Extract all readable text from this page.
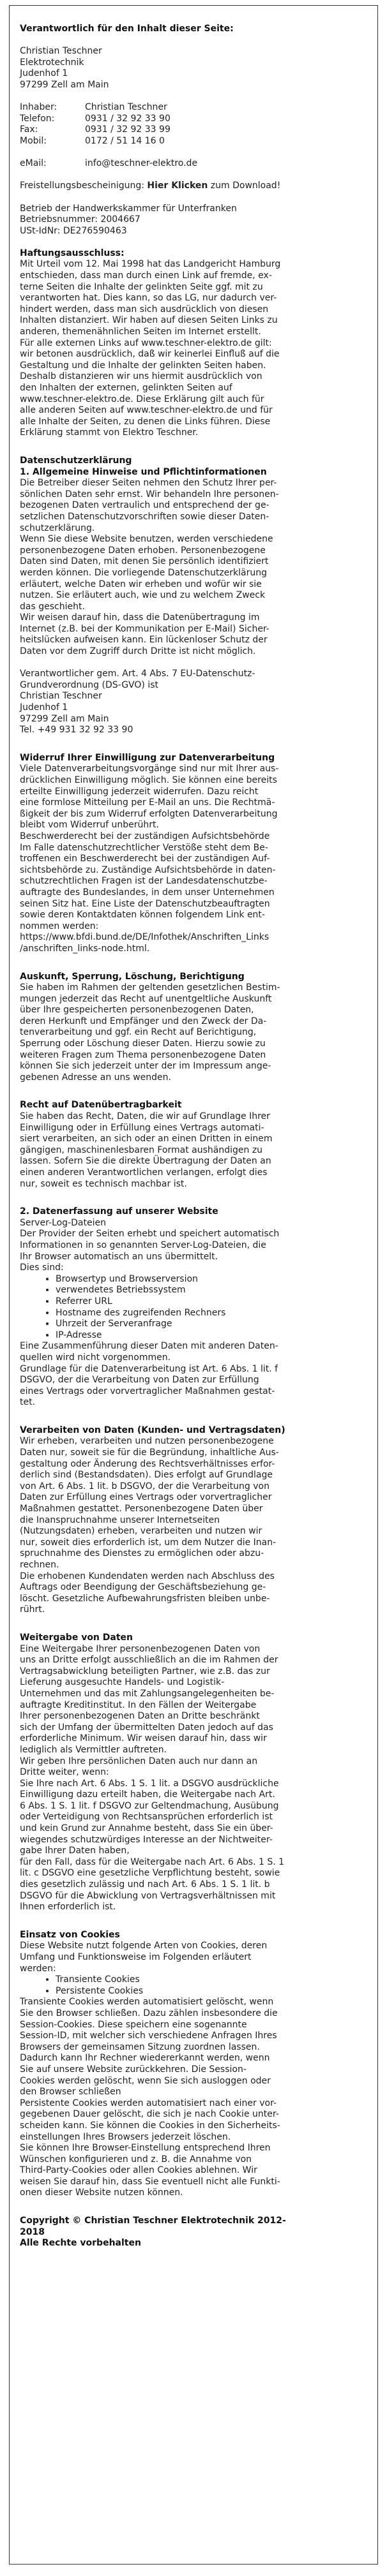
Verantwortlich für den Inhalt dieser Seite:
Christian Teschner
Elektrotechnik
Judenhof 1
97299 Zell am Main
Inhaber:	Christian Teschner
Telefon:	0931 / 32 92 33 90
Fax:	0931 / 32 92 33 99
Mobil:	0172 / 51 14 16 0
eMail:	info@teschner-elektro.de
Freistellungsbescheinigung: Hier Klicken zum Download!
Betrieb der Handwerkskammer für Unterfranken
Betriebsnummer: 2004667
USt-IdNr: DE276590463
Haftungsausschluss:
Mit Urteil vom 12. Mai 1998 hat das Landgericht Hamburg
entschieden, dass man durch einen Link auf fremde, ex-
terne Seiten die Inhalte der gelinkten Seite ggf. mit zu
verantworten hat. Dies kann, so das LG, nur dadurch ver-
hindert werden, dass man sich ausdrücklich von diesen
Inhalten distanziert. Wir haben auf diesen Seiten Links zu
anderen, themenähnlichen Seiten im Internet erstellt.
Für alle externen Links auf www.teschner-elektro.de gilt:
wir betonen ausdrücklich, daß wir keinerlei Einfluß auf die
Gestaltung und die Inhalte der gelinkten Seiten haben.
Deshalb distanzieren wir uns hiermit ausdrücklich von
den Inhalten der externen, gelinkten Seiten auf
www.teschner-elektro.de. Diese Erklärung gilt auch für
alle anderen Seiten auf www.teschner-elektro.de und für
alle Inhalte der Seiten, zu denen die Links führen. Diese
Erklärung stammt von Elektro Teschner.
Datenschutzerklärung
1. Allgemeine Hinweise und Pflichtinformationen
Die Betreiber dieser Seiten nehmen den Schutz Ihrer per-
sönlichen Daten sehr ernst. Wir behandeln Ihre personen-
bezogenen Daten vertraulich und entsprechend der ge-
setzlichen Datenschutzvorschriften sowie dieser Daten-
schutzerklärung.
Wenn Sie diese Website benutzen, werden verschiedene
personenbezogene Daten erhoben. Personenbezogene
Daten sind Daten, mit denen Sie persönlich identifiziert
werden können. Die vorliegende Datenschutzerklärung
erläutert, welche Daten wir erheben und wofür wir sie
nutzen. Sie erläutert auch, wie und zu welchem Zweck
das geschieht.
Wir weisen darauf hin, dass die Datenübertragung im
Internet (z.B. bei der Kommunikation per E-Mail) Sicher-
heitslücken aufweisen kann. Ein lückenloser Schutz der
Daten vor dem Zugriff durch Dritte ist nicht möglich.
Verantwortlicher gem. Art. 4 Abs. 7 EU-Datenschutz-
Grundverordnung (DS-GVO) ist
Christian Teschner
Judenhof 1
97299 Zell am Main
Tel. +49 931 32 92 33 90
Widerruf Ihrer Einwilligung zur Datenverarbeitung
Viele Datenverarbeitungsvorgänge sind nur mit Ihrer aus-
drücklichen Einwilligung möglich. Sie können eine bereits
erteilte Einwilligung jederzeit widerrufen. Dazu reicht
eine formlose Mitteilung per E-Mail an uns. Die Rechtmä-
ßigkeit der bis zum Widerruf erfolgten Datenverarbeitung
bleibt vom Widerruf unberührt.
Beschwerderecht bei der zuständigen Aufsichtsbehörde
Im Falle datenschutzrechtlicher Verstöße steht dem Be-
troffenen ein Beschwerderecht bei der zuständigen Auf-
sichtsbehörde zu. Zuständige Aufsichtsbehörde in daten-
schutzrechtlichen Fragen ist der Landesdatenschutzbe-
auftragte des Bundeslandes, in dem unser Unternehmen
seinen Sitz hat. Eine Liste der Datenschutzbeauftragten
sowie deren Kontaktdaten können folgendem Link ent-
nommen werden:
https://www.bfdi.bund.de/DE/Infothek/Anschriften_Links
/anschriften_links-node.html.
Auskunft, Sperrung, Löschung, Berichtigung
Sie haben im Rahmen der geltenden gesetzlichen Bestim-
mungen jederzeit das Recht auf unentgeltliche Auskunft
über Ihre gespeicherten personenbezogenen Daten,
deren Herkunft und Empfänger und den Zweck der Da-
tenverarbeitung und ggf. ein Recht auf Berichtigung,
Sperrung oder Löschung dieser Daten. Hierzu sowie zu
weiteren Fragen zum Thema personenbezogene Daten
können Sie sich jederzeit unter der im Impressum ange-
gebenen Adresse an uns wenden.
Recht auf Datenübertragbarkeit
Sie haben das Recht, Daten, die wir auf Grundlage Ihrer
Einwilligung oder in Erfüllung eines Vertrags automati-
siert verarbeiten, an sich oder an einen Dritten in einem
gängigen, maschinenlesbaren Format aushändigen zu
lassen. Sofern Sie die direkte Übertragung der Daten an
einen anderen Verantwortlichen verlangen, erfolgt dies
nur, soweit es technisch machbar ist.
2. Datenerfassung auf unserer Website
Server-Log-Dateien
Der Provider der Seiten erhebt und speichert automatisch
Informationen in so genannten Server-Log-Dateien, die
Ihr Browser automatisch an uns übermittelt.
Dies sind:
• Browsertyp und Browserversion
• verwendetes Betriebssystem
• Referrer URL
• Hostname des zugreifenden Rechners
• Uhrzeit der Serveranfrage
• IP-Adresse
Eine Zusammenführung dieser Daten mit anderen Daten-
quellen wird nicht vorgenommen.
Grundlage für die Datenverarbeitung ist Art. 6 Abs. 1 lit. f
DSGVO, der die Verarbeitung von Daten zur Erfüllung
eines Vertrags oder vorvertraglicher Maßnahmen gestat-
tet.
Verarbeiten von Daten (Kunden- und Vertragsdaten)
Wir erheben, verarbeiten und nutzen personenbezogene
Daten nur, soweit sie für die Begründung, inhaltliche Aus-
gestaltung oder Änderung des Rechtsverhältnisses erfor-
derlich sind (Bestandsdaten). Dies erfolgt auf Grundlage
von Art. 6 Abs. 1 lit. b DSGVO, der die Verarbeitung von
Daten zur Erfüllung eines Vertrags oder vorvertraglicher
Maßnahmen gestattet. Personenbezogene Daten über
die Inanspruchnahme unserer Internetseiten
(Nutzungsdaten) erheben, verarbeiten und nutzen wir
nur, soweit dies erforderlich ist, um dem Nutzer die Inan-
spruchnahme des Dienstes zu ermöglichen oder abzu-
rechnen.
Die erhobenen Kundendaten werden nach Abschluss des
Auftrags oder Beendigung der Geschäftsbeziehung ge-
löscht. Gesetzliche Aufbewahrungsfristen bleiben unbe-
rührt.
Weitergabe von Daten
Eine Weitergabe Ihrer personenbezogenen Daten von
uns an Dritte erfolgt ausschließlich an die im Rahmen der
Vertragsabwicklung beteiligten Partner, wie z.B. das zur
Lieferung ausgesuchte Handels- und Logistik-
Unternehmen und das mit Zahlungsangelegenheiten be-
auftragte Kreditinstitut. In den Fällen der Weitergabe
Ihrer personenbezogenen Daten an Dritte beschränkt
sich der Umfang der übermittelten Daten jedoch auf das
erforderliche Minimum. Wir weisen darauf hin, dass wir
lediglich als Vermittler auftreten.
Wir geben Ihre persönlichen Daten auch nur dann an
Dritte weiter, wenn:
Sie Ihre nach Art. 6 Abs. 1 S. 1 lit. a DSGVO ausdrückliche
Einwilligung dazu erteilt haben, die Weitergabe nach Art.
6 Abs. 1 S. 1 lit. f DSGVO zur Geltendmachung, Ausübung
oder Verteidigung von Rechtsansprüchen erforderlich ist
und kein Grund zur Annahme besteht, dass Sie ein über-
wiegendes schutzwürdiges Interesse an der Nichtweiter-
gabe Ihrer Daten haben,
für den Fall, dass für die Weitergabe nach Art. 6 Abs. 1 S. 1
lit. c DSGVO eine gesetzliche Verpflichtung besteht, sowie
dies gesetzlich zulässig und nach Art. 6 Abs. 1 S. 1 lit. b
DSGVO für die Abwicklung von Vertragsverhältnissen mit
Ihnen erforderlich ist.
Einsatz von Cookies
Diese Website nutzt folgende Arten von Cookies, deren
Umfang und Funktionsweise im Folgenden erläutert
werden:
• Transiente Cookies
• Persistente Cookies
Transiente Cookies werden automatisiert gelöscht, wenn
Sie den Browser schließen. Dazu zählen insbesondere die
Session-Cookies. Diese speichern eine sogenannte
Session-ID, mit welcher sich verschiedene Anfragen Ihres
Browsers der gemeinsamen Sitzung zuordnen lassen.
Dadurch kann Ihr Rechner wiedererkannt werden, wenn
Sie auf unsere Website zurückkehren. Die Session-
Cookies werden gelöscht, wenn Sie sich ausloggen oder
den Browser schließen
Persistente Cookies werden automatisiert nach einer vor-
gegebenen Dauer gelöscht, die sich je nach Cookie unter-
scheiden kann. Sie können die Cookies in den Sicherheits-
einstellungen Ihres Browsers jederzeit löschen.
Sie können Ihre Browser-Einstellung entsprechend Ihren
Wünschen konfigurieren und z. B. die Annahme von
Third-Party-Cookies oder allen Cookies ablehnen. Wir
weisen Sie darauf hin, dass Sie eventuell nicht alle Funkti-
onen dieser Website nutzen können.
Copyright © Christian Teschner Elektrotechnik 2012-
2018
Alle Rechte vorbehalten
